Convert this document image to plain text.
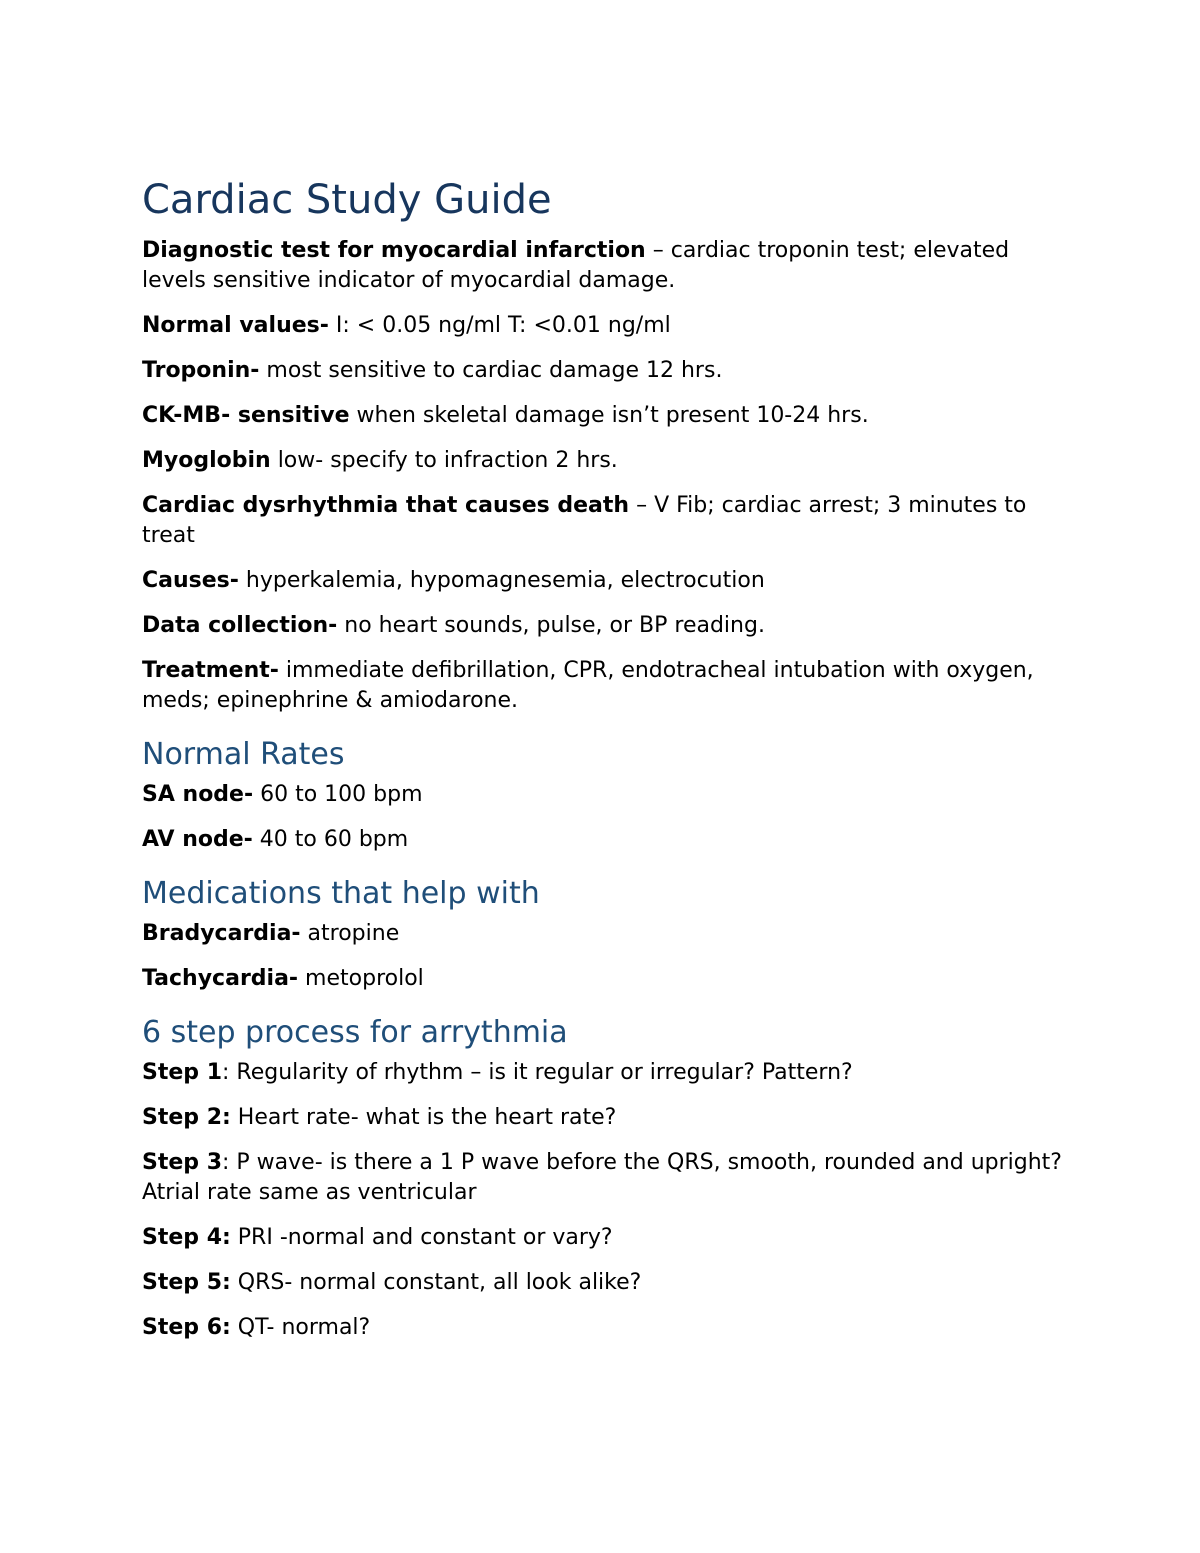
Cardiac Study Guide

Diagnostic test for myocardial infarction – cardiac troponin test; elevated levels sensitive indicator of myocardial damage.

Normal values- I: < 0.05 ng/ml T: <0.01 ng/ml

Troponin- most sensitive to cardiac damage 12 hrs.

CK-MB- sensitive when skeletal damage isn’t present 10-24 hrs.

Myoglobin low- specify to infraction 2 hrs.

Cardiac dysrhythmia that causes death – V Fib; cardiac arrest; 3 minutes to treat

Causes- hyperkalemia, hypomagnesemia, electrocution

Data collection- no heart sounds, pulse, or BP reading.

Treatment- immediate defibrillation, CPR, endotracheal intubation with oxygen, meds; epinephrine & amiodarone.

Normal Rates

SA node- 60 to 100 bpm

AV node- 40 to 60 bpm

Medications that help with

Bradycardia- atropine

Tachycardia- metoprolol

6 step process for arrythmia

Step 1: Regularity of rhythm – is it regular or irregular? Pattern?

Step 2: Heart rate- what is the heart rate?

Step 3: P wave- is there a 1 P wave before the QRS, smooth, rounded and upright? Atrial rate same as ventricular

Step 4: PRI -normal and constant or vary?

Step 5: QRS- normal constant, all look alike?

Step 6: QT- normal?
